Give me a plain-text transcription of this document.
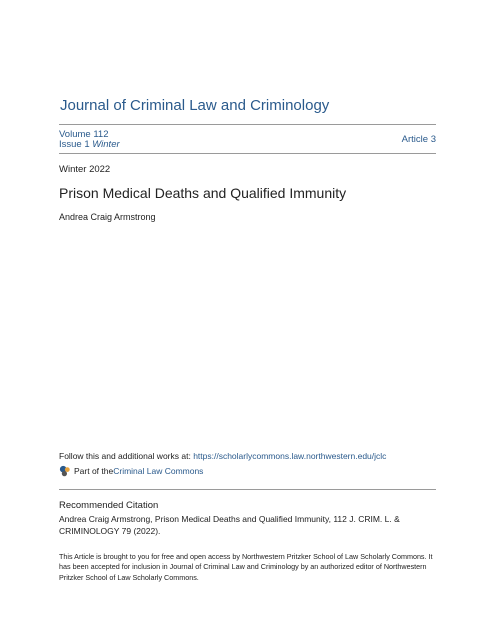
Journal of Criminal Law and Criminology
Volume 112
Issue 1 Winter	Article 3
Winter 2022
Prison Medical Deaths and Qualified Immunity
Andrea Craig Armstrong
Follow this and additional works at: https://scholarlycommons.law.northwestern.edu/jclc
Part of the Criminal Law Commons
Recommended Citation
Andrea Craig Armstrong, Prison Medical Deaths and Qualified Immunity, 112 J. CRIM. L. & CRIMINOLOGY 79 (2022).
This Article is brought to you for free and open access by Northwestern Pritzker School of Law Scholarly Commons. It has been accepted for inclusion in Journal of Criminal Law and Criminology by an authorized editor of Northwestern Pritzker School of Law Scholarly Commons.
